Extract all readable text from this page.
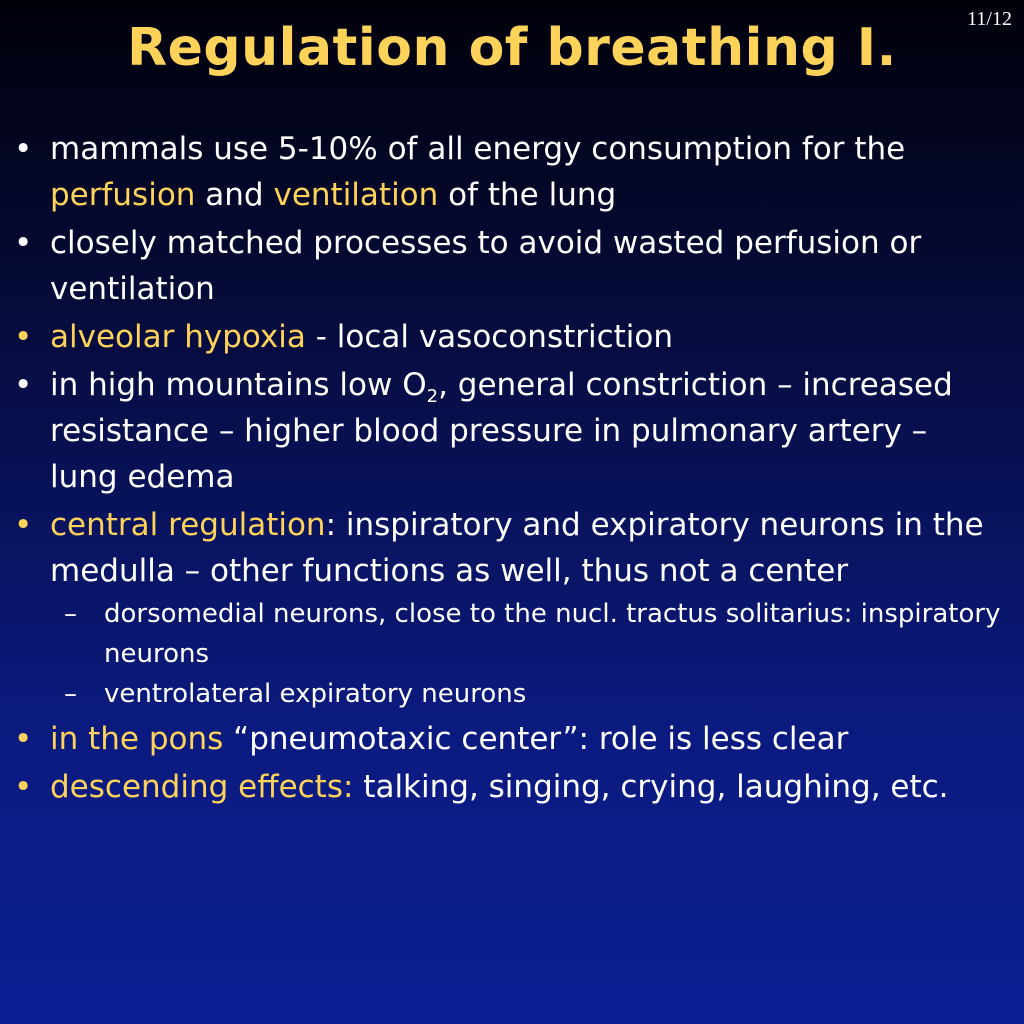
11/12
Regulation of breathing I.
• mammals use 5-10% of all energy consumption for the perfusion and ventilation of the lung
• closely matched processes to avoid wasted perfusion or ventilation
• alveolar hypoxia - local vasoconstriction
• in high mountains low $O_2$, general constriction – increased resistance – higher blood pressure in pulmonary artery – lung edema
• central regulation: inspiratory and expiratory neurons in the medulla – other functions as well, thus not a center
– dorsomedial neurons, close to the nucl. tractus solitarius: inspiratory neurons
– ventrolateral expiratory neurons
• in the pons “pneumotaxic center”: role is less clear
• descending effects: talking, singing, crying, laughing, etc.
